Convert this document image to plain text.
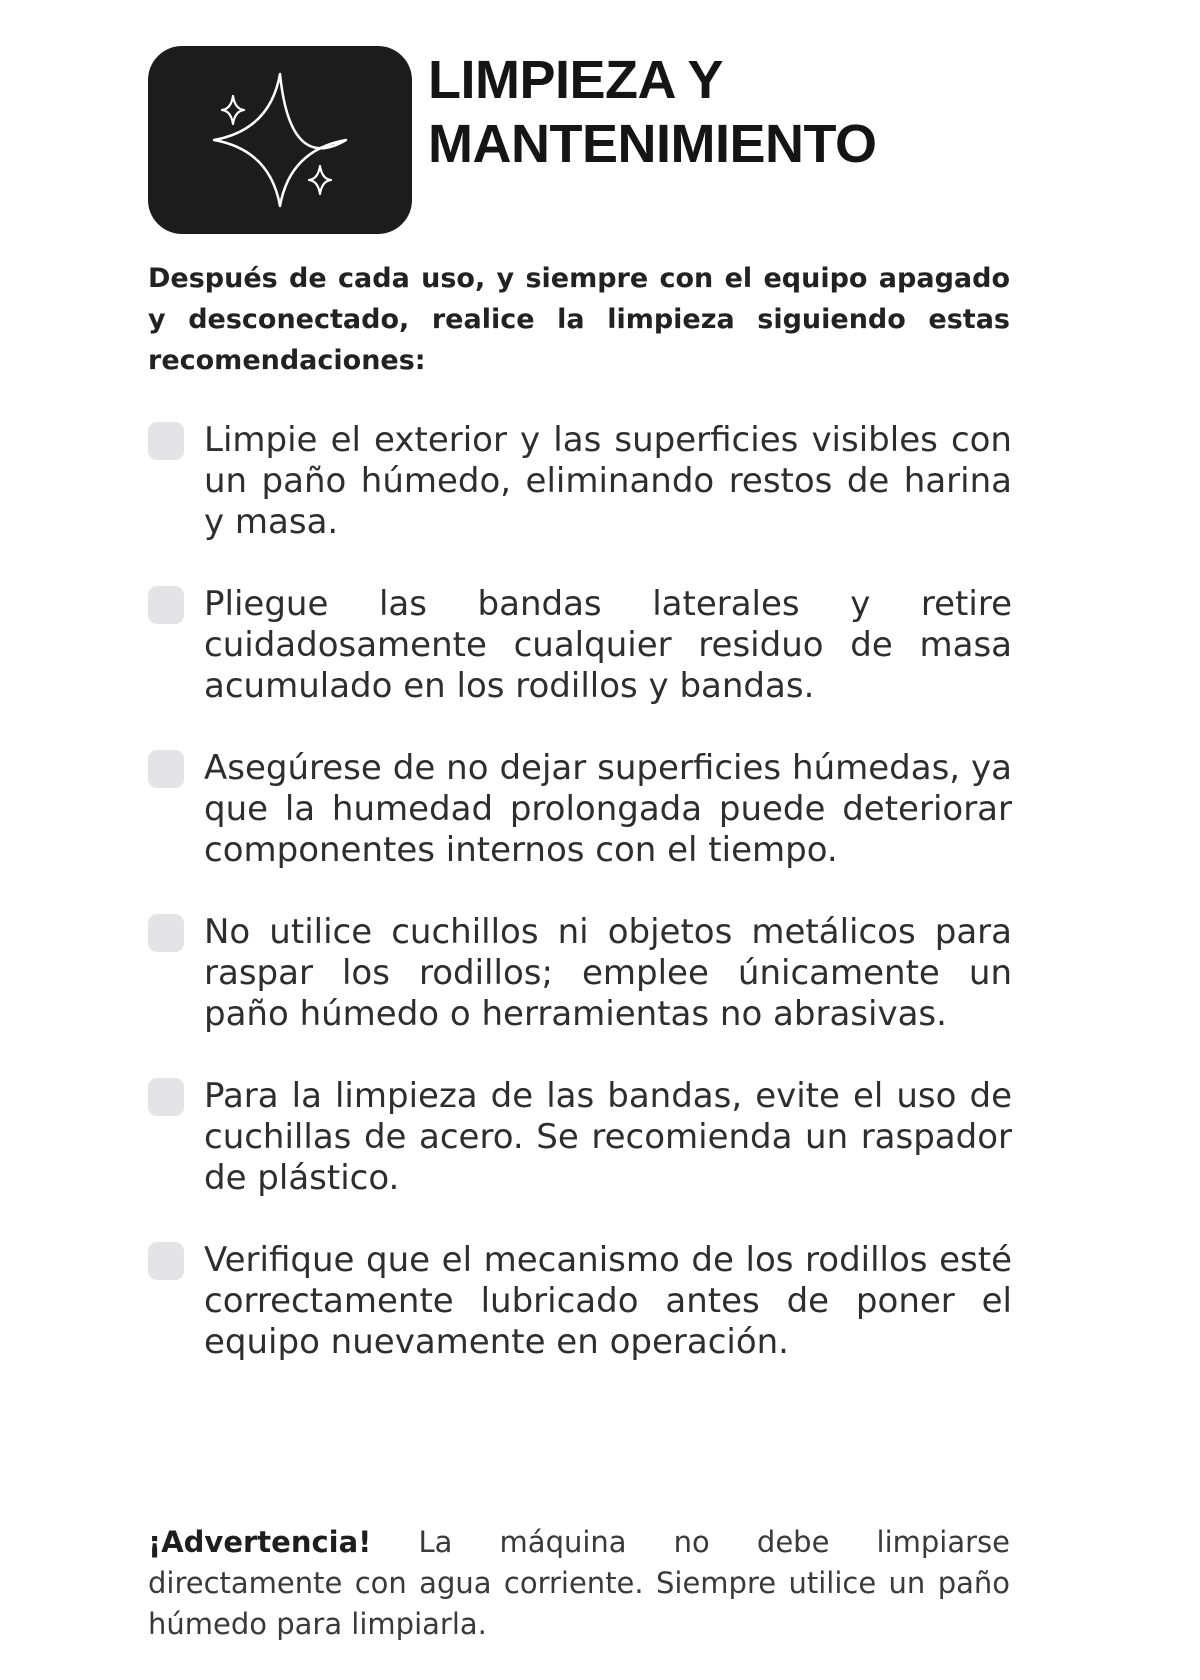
LIMPIEZA Y MANTENIMIENTO

Después de cada uso, y siempre con el equipo apagado y desconectado, realice la limpieza siguiendo estas recomendaciones:

Limpie el exterior y las superficies visibles con un paño húmedo, eliminando restos de harina y masa.
Pliegue las bandas laterales y retire cuidadosamente cualquier residuo de masa acumulado en los rodillos y bandas.
Asegúrese de no dejar superficies húmedas, ya que la humedad prolongada puede deteriorar componentes internos con el tiempo.
No utilice cuchillos ni objetos metálicos para raspar los rodillos; emplee únicamente un paño húmedo o herramientas no abrasivas.
Para la limpieza de las bandas, evite el uso de cuchillas de acero. Se recomienda un raspador de plástico.
Verifique que el mecanismo de los rodillos esté correctamente lubricado antes de poner el equipo nuevamente en operación.

¡Advertencia! La máquina no debe limpiarse directamente con agua corriente. Siempre utilice un paño húmedo para limpiarla.
